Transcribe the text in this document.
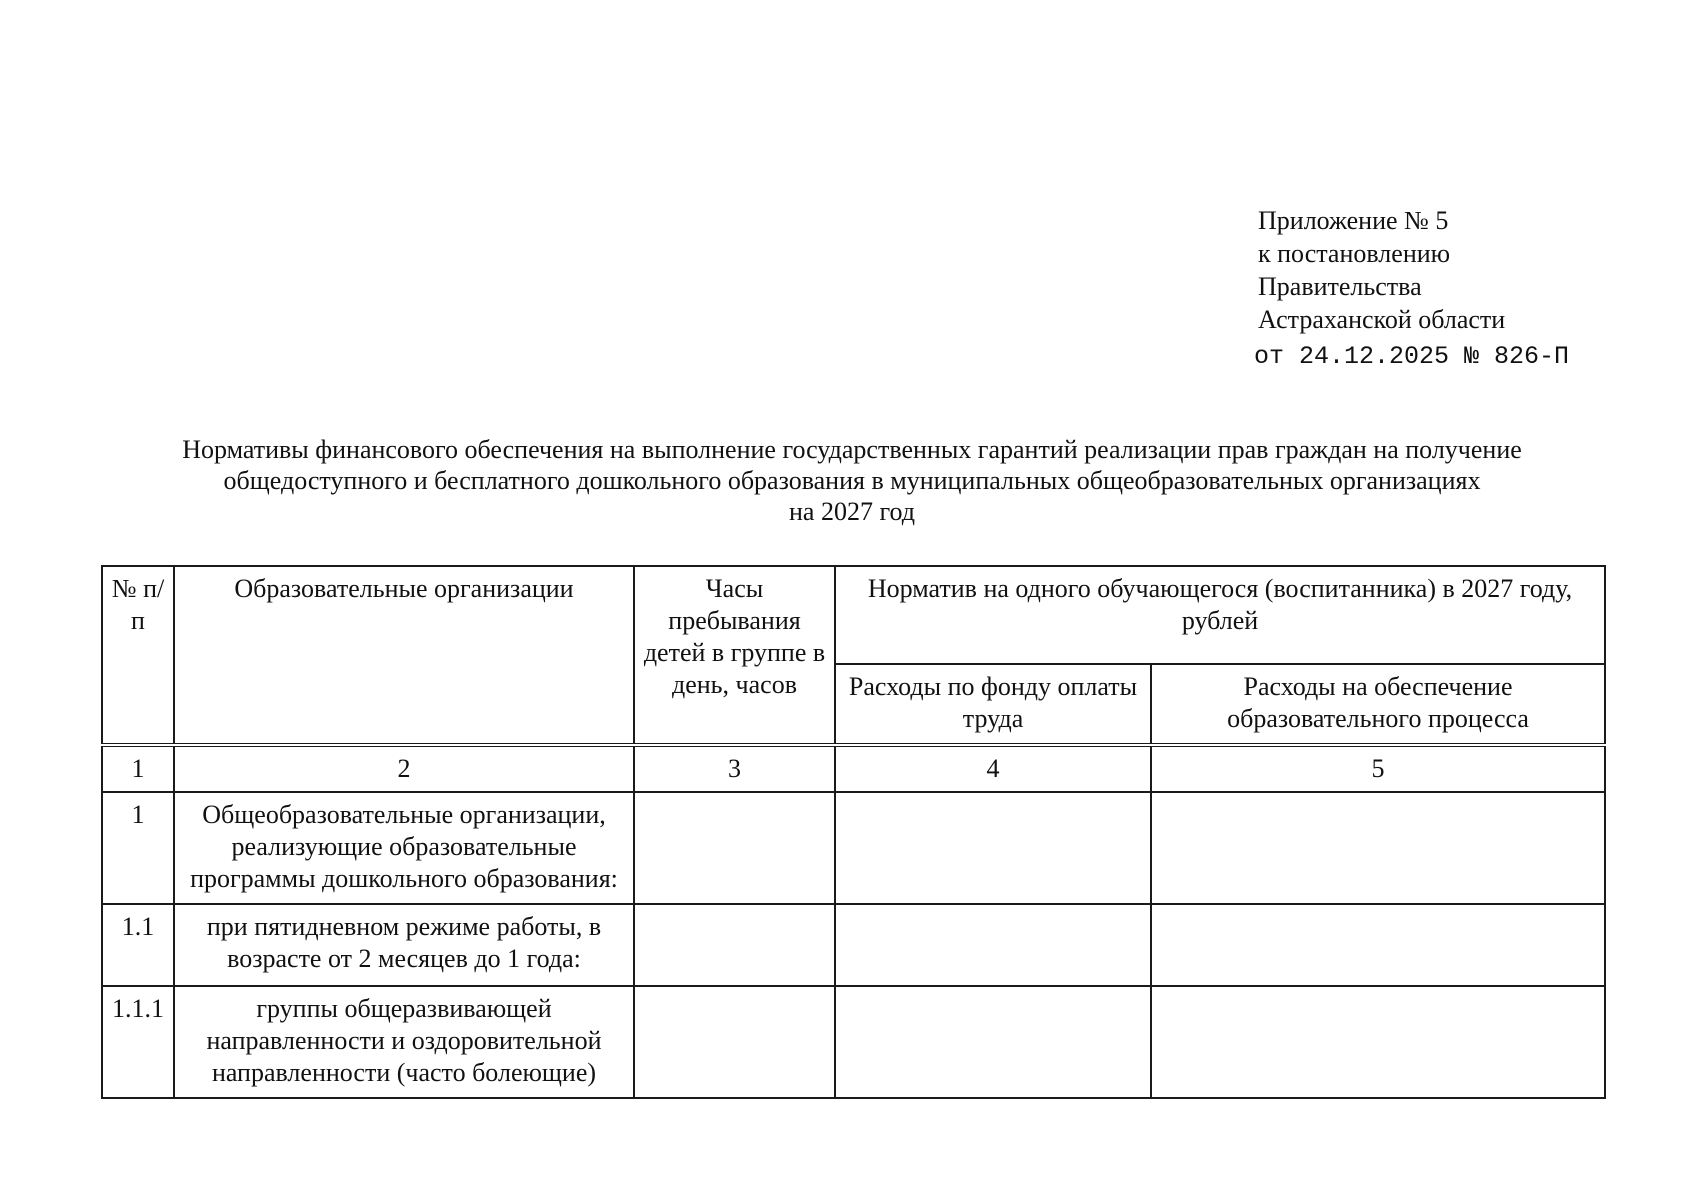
Приложение № 5
к постановлению
Правительства
Астраханской области
от 24.12.2025 № 826-П
Нормативы финансового обеспечения на выполнение государственных гарантий реализации прав граждан на получение
общедоступного и бесплатного дошкольного образования в муниципальных общеобразовательных организациях
на 2027 год
№ п/п	Образовательные организации	Часы пребывания детей в группе в день, часов	Норматив на одного обучающегося (воспитанника) в 2027 году, рублей	
			Расходы по фонду оплаты труда	Расходы на обеспечение образовательного процесса
1	2	3	4	5
1	Общеобразовательные организации, реализующие образовательные программы дошкольного образования:			
1.1	при пятидневном режиме работы, в возрасте от 2 месяцев до 1 года:			
1.1.1	группы общеразвивающей направленности и оздоровительной направленности (часто болеющие)			
